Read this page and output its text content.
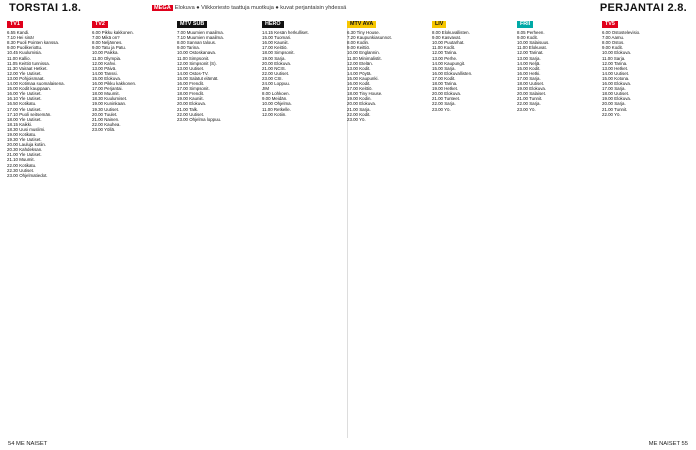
TORSTAI 1.8.	MEGA Elokuva ● Viikkoriesto taattuja muotkuja ● kuvat perjantaisin yhdessä	PERJANTAI 2.8.
TV1
6.55 Kandi.
7.10 Hei sinä!
8.30 Puoli Pointen kanssa.
9.00 Puolikeriottu.
10.45 Kuulumisia.
11.00 Kallio.
11.05 Keittiö tunnissa.
11.30 Vairaat Hetket.
12.00 Yle Uutiset.
13.00 Pohjoismaat.
14.00 Kotimaa suomalaisena.
15.00 Kodit kauppaan.
16.00 Yle Uutiset.
16.10 Yle Uutiset.
16.50 Kotikatu.
17.00 Yle Uutiset.
17.10 Puoli seitsemän.
18.00 Yle Uutiset.
18.15 Kaikki.
18.30 Uusi muslimi.
19.00 Kotikatu.
19.30 Yle Uutiset.
20.00 Lauluja kotiin.
20.30 Kahdeksan.
21.00 Yle Uutiset.
21.10 Muumit.
22.00 Kotikatu.
22.30 Uutiset.
23.00 Ohjelmatiedot.
TV2
6.00 Pikku kakkonen.
7.00 Mikä on?
8.00 Neljännes.
9.00 Tatu ja Patu.
10.00 Paikka.
11.00 Olympia.
12.00 Kahvi.
13.00 Päivä.
14.00 Tanssi.
15.00 Elokuva.
16.00 Pikku kakkonen.
17.00 Perjantai.
18.00 Muumit.
18.30 Kuulumiset.
19.00 Kuninkaan.
19.30 Uutiset.
20.00 Tuulet.
21.00 Nainen.
22.00 Kauhea.
23.00 Yöllä.
MTV SUB
7.00 Muumien maailma.
7.10 Muumien maailma.
8.00 Sannan talous.
9.00 Tarina.
10.00 Ostoskanava.
11.00 Simpsonit.
12.00 Simpsonit (S).
13.00 Uutiset.
14.00 Ostos-TV.
15.00 Salatut elämät.
16.00 Frendit.
17.00 Simpsonit.
18.00 Frendit.
19.00 Kauniit.
20.00 Elokuva.
21.00 Talk.
22.00 Uutiset.
23.00 Ohjelma loppuu.
HERO
14.15 Kesän herkulliset.
15.00 Tuomari.
16.00 Kauniit.
17.00 Keittiö.
18.00 Simpsonit.
19.00 Sarja.
20.00 Elokuva.
21.00 NCIS.
22.00 Uutiset.
23.00 CSI.
24.00 Loppuu.
JIM
8.00 Lohkoen.
9.00 Meidän.
10.00 Ohjelma.
11.00 Retkelle.
12.00 Kotiin.
MTV AVA
6.30 Tiny House.
7.20 Kaupunkiasunnot.
8.00 Kodin.
9.00 Keittiö.
10.00 Englannin.
11.00 Minimalistit.
12.00 Etelän.
13.00 Kodit.
14.00 Pöytä.
15.00 Kaupunki.
16.00 Kodit.
17.00 Keittiö.
18.00 Tiny House.
19.00 Kodin.
20.00 Elokuva.
21.00 Sarja.
22.00 Kodit.
23.00 Yö.
LIV
8.00 Elokuvallisten.
9.00 Kasvavat.
10.00 Puutarhat.
11.00 Kodit.
12.00 Tarina.
13.00 Perhe.
14.00 Kaupungit.
15.00 Sarja.
16.00 Elokuvallisten.
17.00 Kodit.
18.00 Tarina.
19.00 Hetket.
20.00 Elokuva.
21.00 Tunteet.
22.00 Sarja.
23.00 Yö.
FRII
8.05 Perheen.
9.00 Kodit.
10.00 Salaisuus.
11.00 Elokuvat.
12.00 Tarinat.
13.00 Sarja.
14.00 Neljä.
15.00 Kodit.
16.00 Hetki.
17.00 Sarja.
18.00 Uutiset.
19.00 Elokuva.
20.00 Salaiset.
21.00 Tunnit.
22.00 Sarja.
23.00 Yö.
TV5
6.00 Ostostelevisio.
7.00 Aamu.
8.00 Ostos.
9.00 Kodit.
10.00 Elokuva.
11.00 Sarja.
12.00 Tarina.
13.00 Hetket.
14.00 Uutiset.
15.00 Kotona.
16.00 Elokuva.
17.00 Sarja.
18.00 Uutiset.
19.00 Elokuva.
20.00 Sarja.
21.00 Tunnit.
22.00 Yö.
54 ME NAISET	ME NAISET 55
